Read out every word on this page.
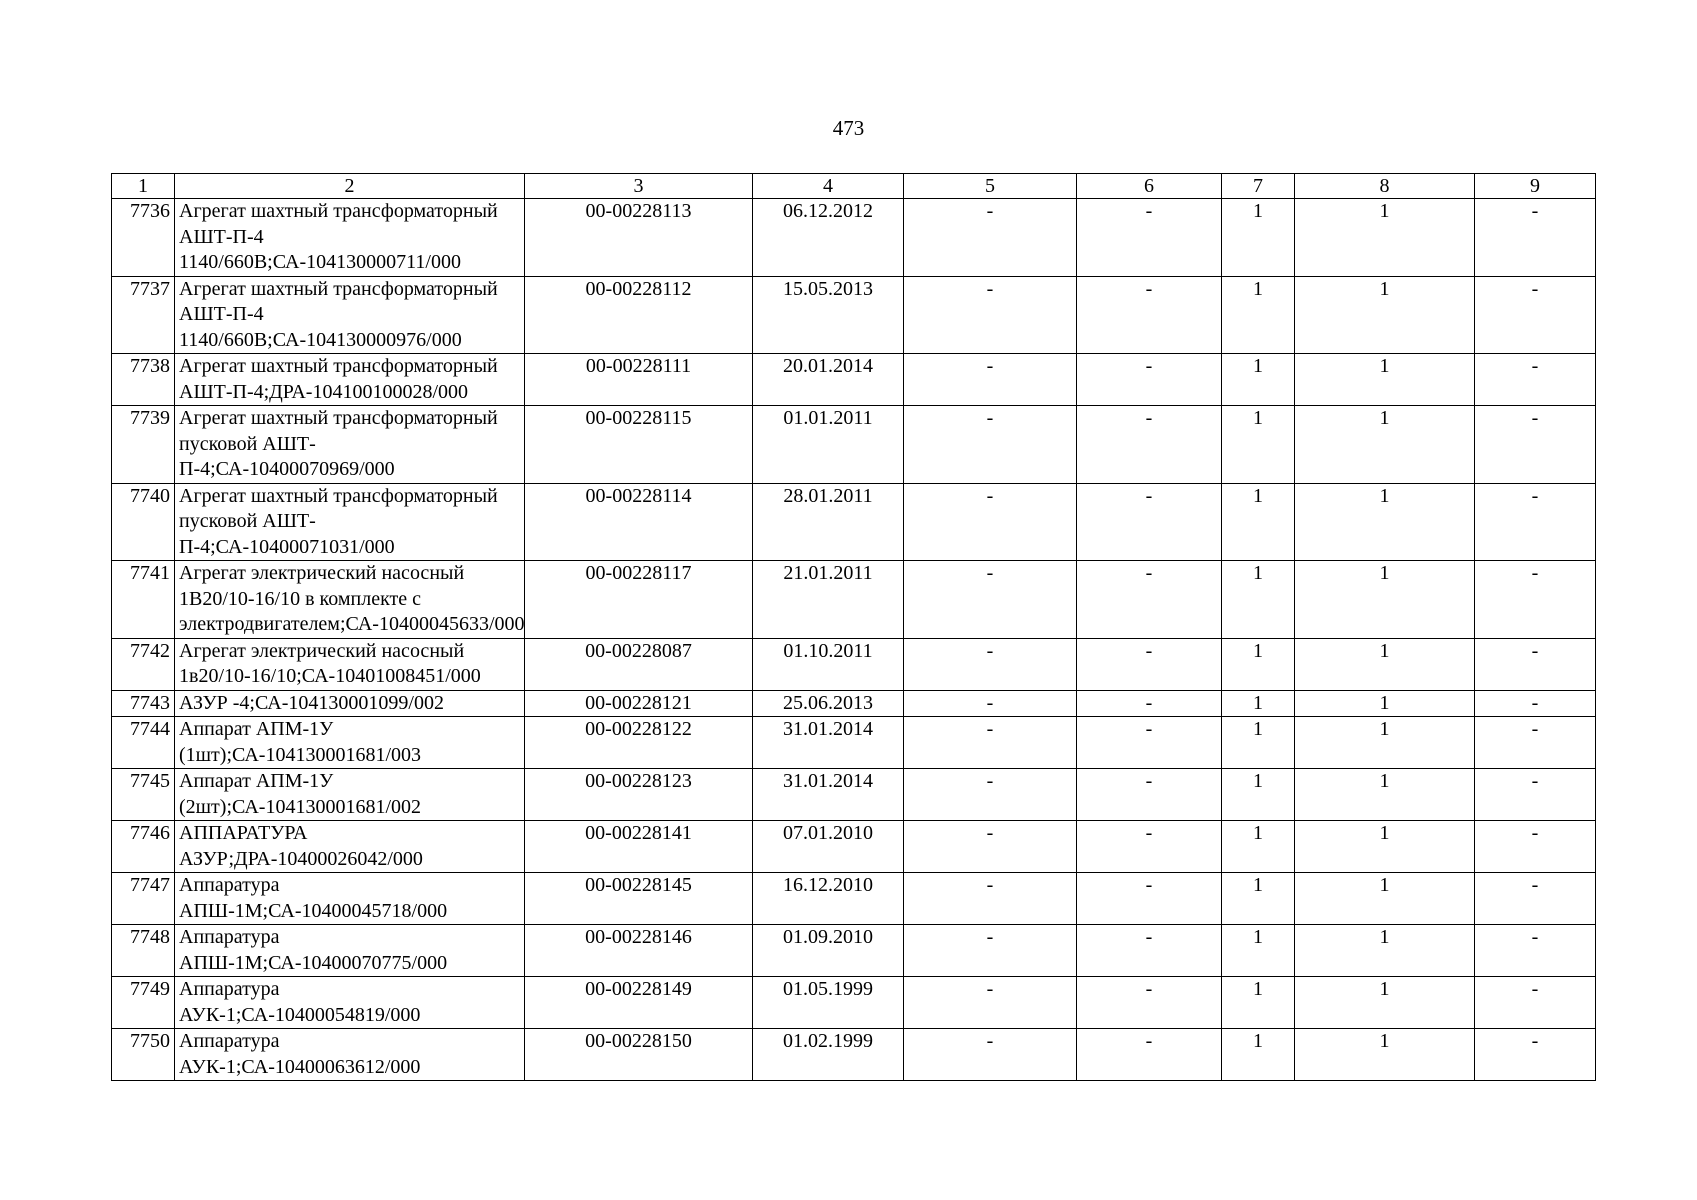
473
1	2	3	4	5	6	7	8	9
7736	Агрегат шахтный трансформаторный АШТ-П-4 1140/660В;СА-104130000711/000	00-00228113	06.12.2012	-	-	1	1	-
7737	Агрегат шахтный трансформаторный АШТ-П-4 1140/660В;СА-104130000976/000	00-00228112	15.05.2013	-	-	1	1	-
7738	Агрегат шахтный трансформаторный АШТ-П-4;ДРА-104100100028/000	00-00228111	20.01.2014	-	-	1	1	-
7739	Агрегат шахтный трансформаторный пусковой АШТ-П-4;СА-10400070969/000	00-00228115	01.01.2011	-	-	1	1	-
7740	Агрегат шахтный трансформаторный пусковой АШТ-П-4;СА-10400071031/000	00-00228114	28.01.2011	-	-	1	1	-
7741	Агрегат электрический насосный 1В20/10-16/10 в комплекте с электродвигателем;СА-10400045633/000	00-00228117	21.01.2011	-	-	1	1	-
7742	Агрегат электрический насосный 1в20/10-16/10;СА-10401008451/000	00-00228087	01.10.2011	-	-	1	1	-
7743	АЗУР -4;СА-104130001099/002	00-00228121	25.06.2013	-	-	1	1	-
7744	Аппарат АПМ-1У (1шт);СА-104130001681/003	00-00228122	31.01.2014	-	-	1	1	-
7745	Аппарат АПМ-1У (2шт);СА-104130001681/002	00-00228123	31.01.2014	-	-	1	1	-
7746	АППАРАТУРА АЗУР;ДРА-10400026042/000	00-00228141	07.01.2010	-	-	1	1	-
7747	Аппаратура АПШ-1М;СА-10400045718/000	00-00228145	16.12.2010	-	-	1	1	-
7748	Аппаратура АПШ-1М;СА-10400070775/000	00-00228146	01.09.2010	-	-	1	1	-
7749	Аппаратура АУК-1;СА-10400054819/000	00-00228149	01.05.1999	-	-	1	1	-
7750	Аппаратура АУК-1;СА-10400063612/000	00-00228150	01.02.1999	-	-	1	1	-
